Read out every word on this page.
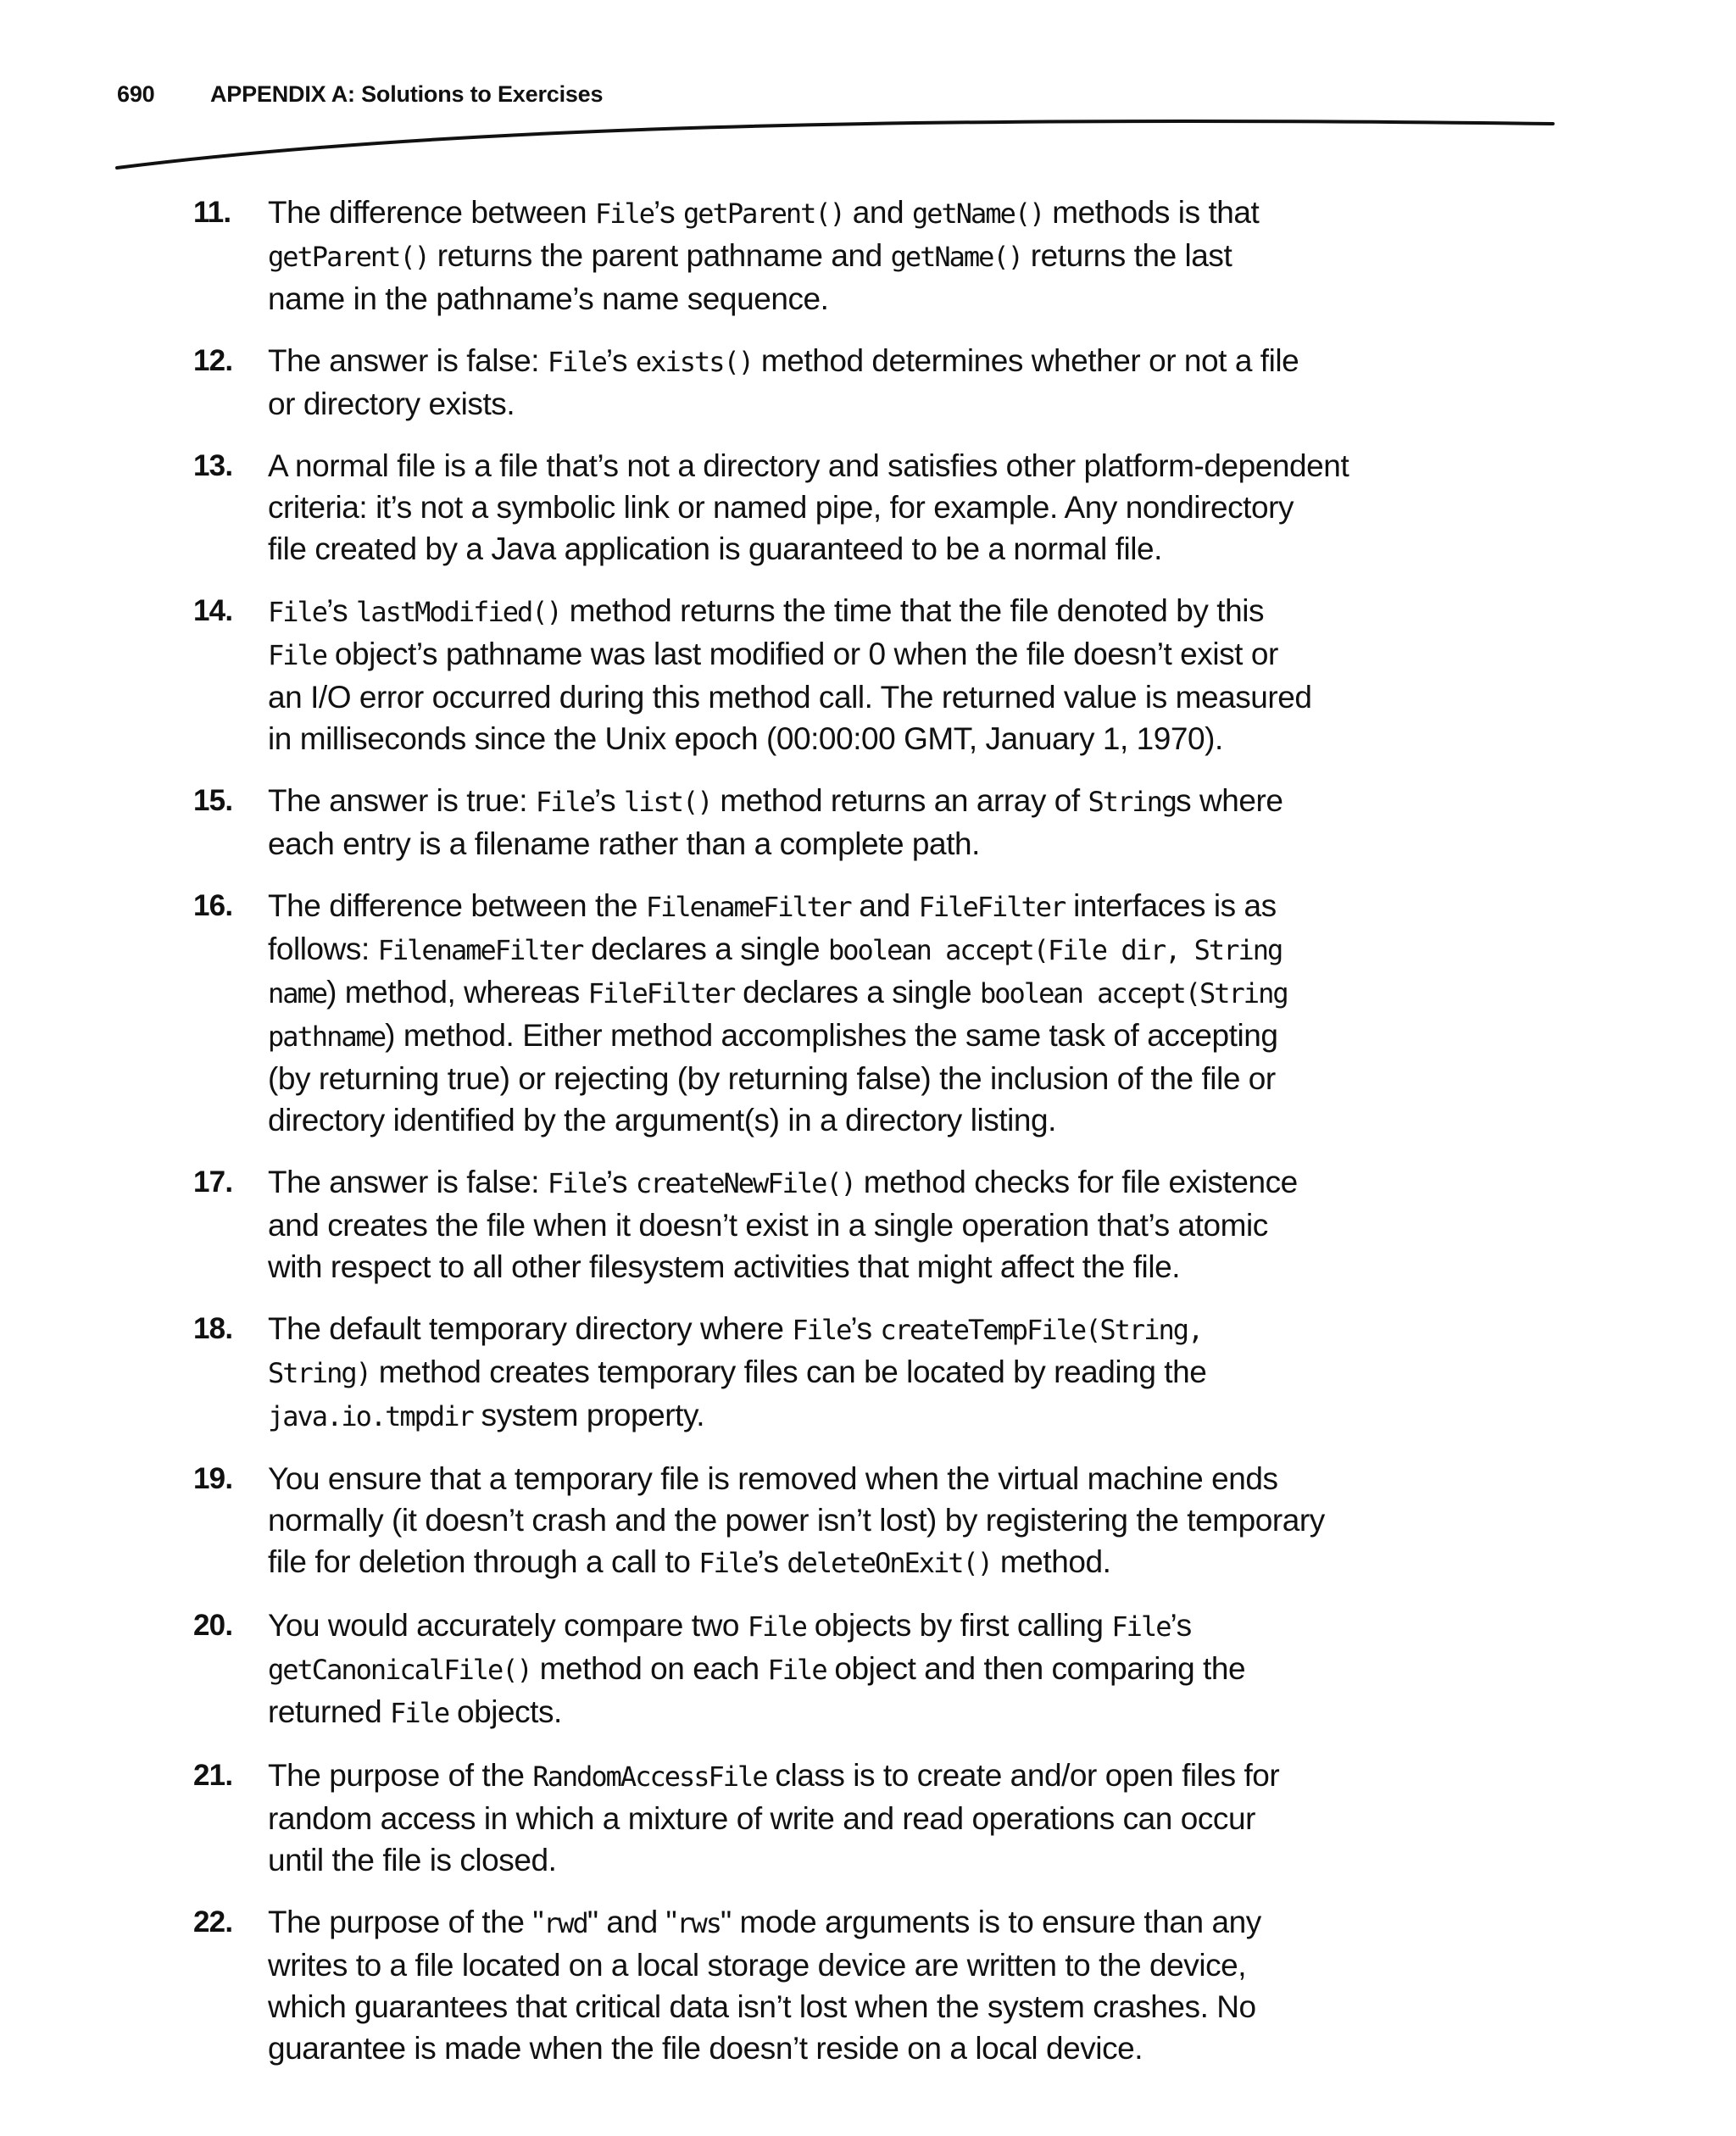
690	APPENDIX A: Solutions to Exercises
11.	The difference between File’s getParent() and getName() methods is that
getParent() returns the parent pathname and getName() returns the last
name in the pathname’s name sequence.
12.	The answer is false: File’s exists() method determines whether or not a file
or directory exists.
13.	A normal file is a file that’s not a directory and satisfies other platform-dependent
criteria: it’s not a symbolic link or named pipe, for example. Any nondirectory
file created by a Java application is guaranteed to be a normal file.
14.	File’s lastModified() method returns the time that the file denoted by this
File object’s pathname was last modified or 0 when the file doesn’t exist or
an I/O error occurred during this method call. The returned value is measured
in milliseconds since the Unix epoch (00:00:00 GMT, January 1, 1970).
15.	The answer is true: File’s list() method returns an array of Strings where
each entry is a filename rather than a complete path.
16.	The difference between the FilenameFilter and FileFilter interfaces is as
follows: FilenameFilter declares a single boolean accept(File dir, String
name) method, whereas FileFilter declares a single boolean accept(String
pathname) method. Either method accomplishes the same task of accepting
(by returning true) or rejecting (by returning false) the inclusion of the file or
directory identified by the argument(s) in a directory listing.
17.	The answer is false: File’s createNewFile() method checks for file existence
and creates the file when it doesn’t exist in a single operation that’s atomic
with respect to all other filesystem activities that might affect the file.
18.	The default temporary directory where File’s createTempFile(String,
String) method creates temporary files can be located by reading the
java.io.tmpdir system property.
19.	You ensure that a temporary file is removed when the virtual machine ends
normally (it doesn’t crash and the power isn’t lost) by registering the temporary
file for deletion through a call to File’s deleteOnExit() method.
20.	You would accurately compare two File objects by first calling File’s
getCanonicalFile() method on each File object and then comparing the
returned File objects.
21.	The purpose of the RandomAccessFile class is to create and/or open files for
random access in which a mixture of write and read operations can occur
until the file is closed.
22.	The purpose of the "rwd" and "rws" mode arguments is to ensure than any
writes to a file located on a local storage device are written to the device,
which guarantees that critical data isn’t lost when the system crashes. No
guarantee is made when the file doesn’t reside on a local device.
